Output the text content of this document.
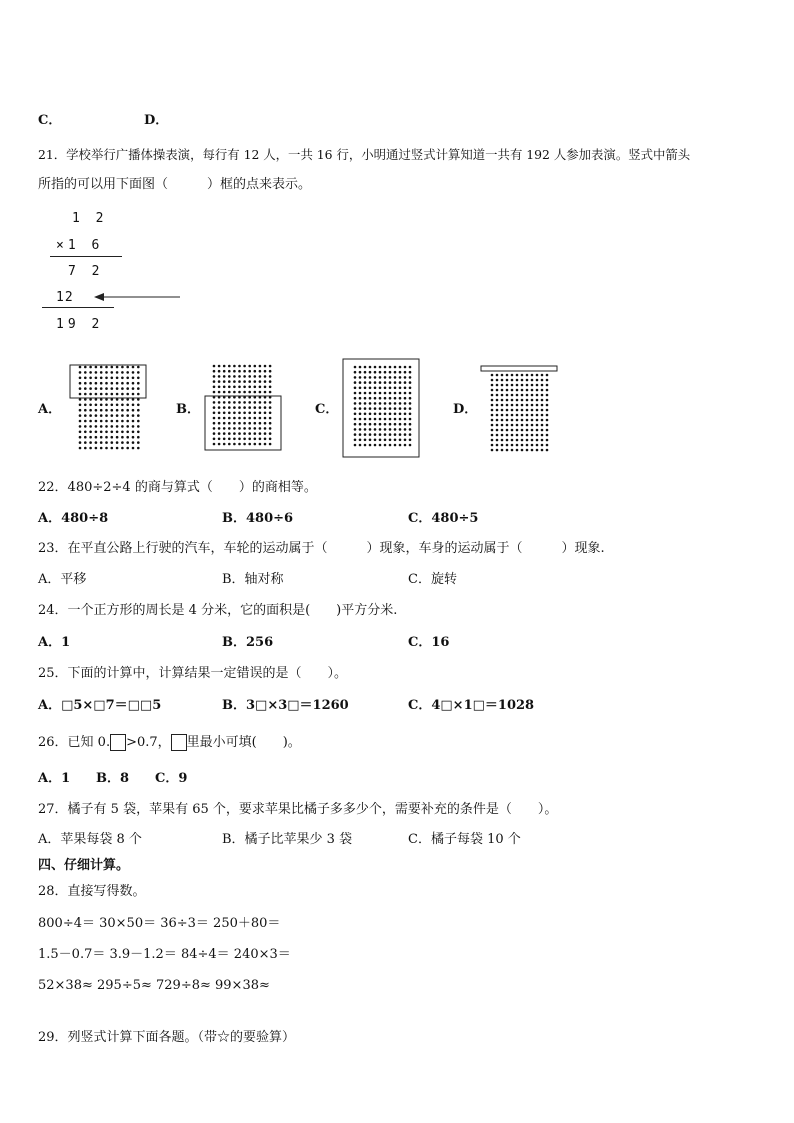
C．	D．
21．学校举行广播体操表演，每行有 12 人，一共 16 行，小明通过竖式计算知道一共有 192 人参加表演。竖式中箭头
所指的可以用下面图（　　　）框的点来表示。
1 2
×1 6
7 2
12
19 2
A．	B．	C．	D．
22．480÷2÷4 的商与算式（　　）的商相等。
A．480÷8	B．480÷6	C．480÷5
23．在平直公路上行驶的汽车，车轮的运动属于（　　　）现象，车身的运动属于（　　　）现象.
A．平移	B．轴对称	C．旋转
24．一个正方形的周长是 4 分米，它的面积是(　　)平方分米.
A．1	B．256	C．16
25．下面的计算中，计算结果一定错误的是（　　）。
A．□5×□7＝□□5	B．3□×3□＝1260	C．4□×1□＝1028
26．已知 0. >0.7， 里最小可填(　　)。
A．1 B．8 C．9
27．橘子有 5 袋，苹果有 65 个，要求苹果比橘子多多少个，需要补充的条件是（　　）。
A．苹果每袋 8 个	B．橘子比苹果少 3 袋	C．橘子每袋 10 个
四、仔细计算。
28．直接写得数。
800÷4＝ 30×50＝ 36÷3＝ 250＋80＝
1.5－0.7＝ 3.9－1.2＝ 84÷4＝ 240×3＝
52×38≈ 295÷5≈ 729÷8≈ 99×38≈
29．列竖式计算下面各题。（带☆的要验算）
